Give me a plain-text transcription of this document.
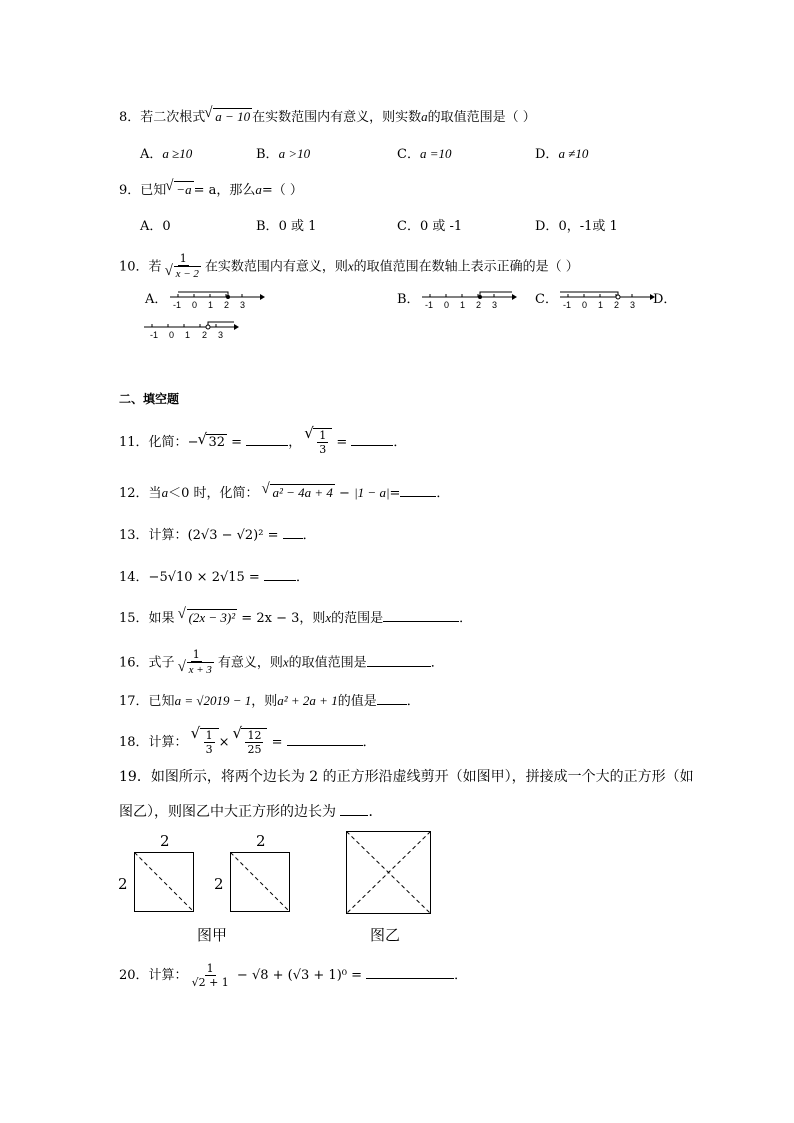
8．若二次根式 √ a − 10 在实数范围内有意义，则实数a的取值范围是（ ）
A．a ≥10	B．a >10	C．a =10	D．a ≠10
9．已知 √ −a = a，那么a=（ ）
A．0	B．0 或 1	C．0 或 -1	D．0，-1或 1
10．若 1
√ x − 2 在实数范围内有意义，则x的取值范围在数轴上表示正确的是（ ）
A． -1 0 1 2 3	B． -1 0 1 2 3	C． -1 0 1 2 3 D．
-1 0 1 2 3
二、填空题
11．化简：− √ 32 =	， √ $\frac{1}{3}$ =	．
12．当a＜0 时，化简： √ a² − 4a + 4 − |1 − a|=	．
13．计算：(2√3 − √2)² = ．
14．−5√10 × 2√15 = ．
15．如果 √ (2x − 3)² = 2x − 3，则x的范围是	．
16．式子 1
√ x + 3 有意义，则x的取值范围是	．
17．已知a = √2019 − 1，则a² + 2a + 1的值是 ．
18．计算： √ $\frac{1}{3}$ × √ $\frac{12}{25}$ =	．
19．如图所示，将两个边长为 2 的正方形沿虚线剪开（如图甲），拼接成一个大的正方形（如
图乙），则图乙中大正方形的边长为 ．
2
2
2
2
图甲	图乙
20．计算： $\frac{1}{√2 + 1} - √8 + (√3 + 1)^0$ =	．
